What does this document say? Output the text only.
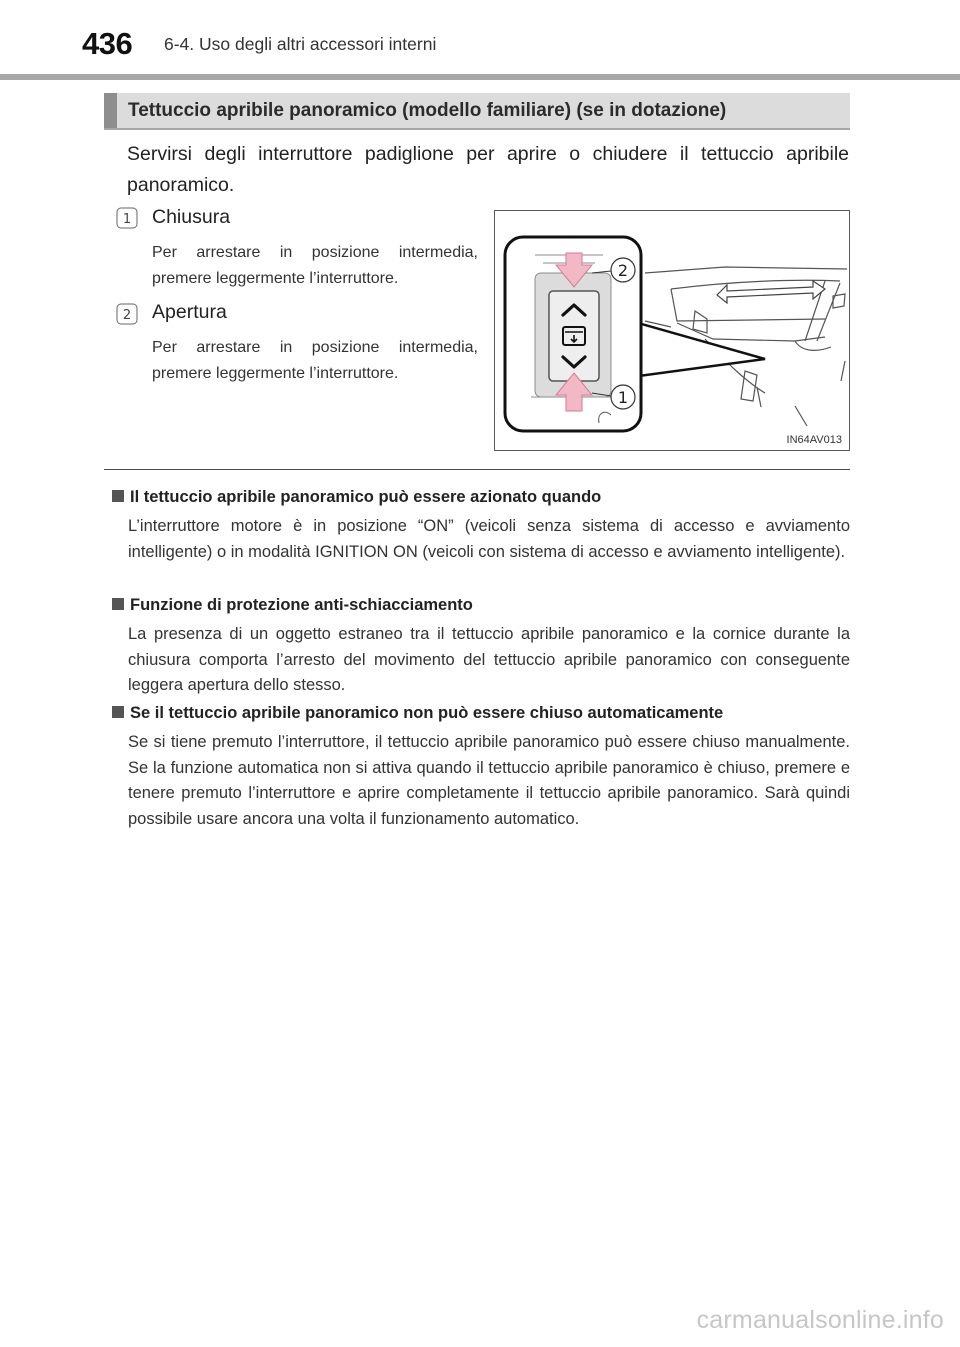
436 6-4. Uso degli altri accessori interni
Tettuccio apribile panoramico (modello familiare) (se in dotazione)

Servirsi degli interruttore padiglione per aprire o chiudere il tettuccio apribile panoramico.

1 Chiusura
Per arrestare in posizione intermedia, premere leggermente l’interruttore.
2 Apertura
Per arrestare in posizione intermedia, premere leggermente l’interruttore.
2
1
IN64AV013
Il tettuccio apribile panoramico può essere azionato quando
L’interruttore motore è in posizione “ON” (veicoli senza sistema di accesso e avviamento intelligente) o in modalità IGNITION ON (veicoli con sistema di accesso e avviamento intelligente).
Funzione di protezione anti-schiacciamento
La presenza di un oggetto estraneo tra il tettuccio apribile panoramico e la cornice durante la chiusura comporta l’arresto del movimento del tettuccio apribile panoramico con conseguente leggera apertura dello stesso.
Se il tettuccio apribile panoramico non può essere chiuso automaticamente
Se si tiene premuto l’interruttore, il tettuccio apribile panoramico può essere chiuso manualmente. Se la funzione automatica non si attiva quando il tettuccio apribile panoramico è chiuso, premere e tenere premuto l’interruttore e aprire completamente il tettuccio apribile panoramico. Sarà quindi possibile usare ancora una volta il funzionamento automatico.
carmanualsonline.info
